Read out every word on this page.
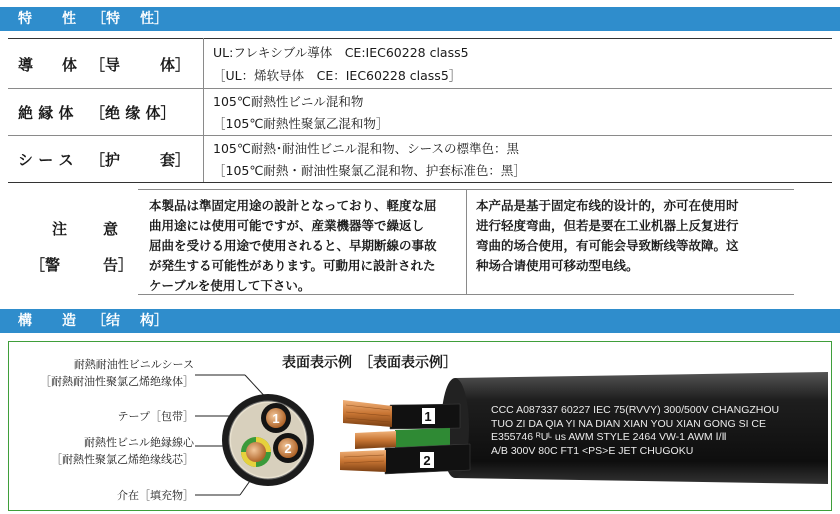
特 性 ［特 性］
導 体 ［导	体］
UL:フレキシブル導体　CE:IEC60228 class5
［UL：烯软导体　CE：IEC60228 class5］
絶 縁 体 ［绝 缘 体］
105℃耐熱性ビニル混和物
［105℃耐熱性聚氯乙混和物］
シ ー ス ［护	套］
105℃耐熱･耐油性ビニル混和物、シースの標準色：黒
［105℃耐熱・耐油性聚氯乙混和物、护套标准色：黑］
注 意
［警	告］
本製品は準固定用途の設計となっており、軽度な屈
曲用途には使用可能ですが、産業機器等で繰返し
屈曲を受ける用途で使用されると、早期断線の事故
が発生する可能性があります。可動用に設計された
ケーブルを使用して下さい。
本产品是基于固定布线的设计的，亦可在使用时
进行轻度弯曲，但若是要在工业机器上反复进行
弯曲的场合使用，有可能会导致断线等故障。这
种场合请使用可移动型电线。
構 造 ［结 构］
表面表示例　［表面表示例］
耐熱耐油性ビニルシース
［耐熱耐油性聚氯乙烯绝缘体］
テープ［包带］
耐熱性ビニル絶縁線心
［耐熱性聚氯乙烯绝缘线芯］
介在［填充物］
1
2
1
2
CCC A087337 60227 IEC 75(RVVY) 300/500V CHANGZHOU
TUO ZI DA QIA YI NA DIAN XIAN YOU XIAN GONG SI CE
E355746 ᴿUᴸ us AWM STYLE 2464 VW-1 AWM Ⅰ/Ⅱ
A/B 300V 80C FT1 <PS>E JET CHUGOKU
